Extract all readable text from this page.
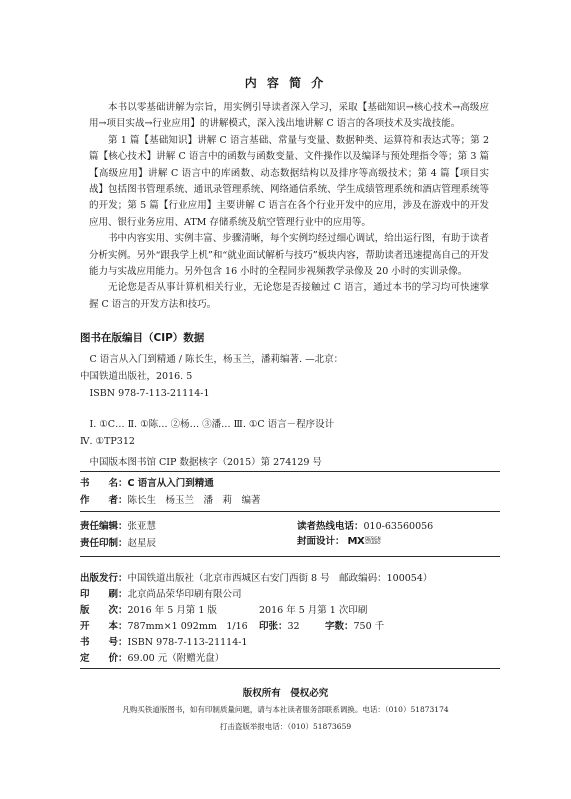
内 容 简 介

本书以零基础讲解为宗旨，用实例引导读者深入学习，采取【基础知识→核心技术→高级应用→项目实战→行业应用】的讲解模式，深入浅出地讲解 C 语言的各项技术及实战技能。

第 1 篇【基础知识】讲解 C 语言基础、常量与变量、数据种类、运算符和表达式等；第 2 篇【核心技术】讲解 C 语言中的函数与函数变量、文件操作以及编译与预处理指令等；第 3 篇【高级应用】讲解 C 语言中的库函数、动态数据结构以及排序等高级技术；第 4 篇【项目实战】包括图书管理系统、通讯录管理系统、网络通信系统、学生成绩管理系统和酒店管理系统等的开发；第 5 篇【行业应用】主要讲解 C 语言在各个行业开发中的应用，涉及在游戏中的开发应用、银行业务应用、ATM 存储系统及航空管理行业中的应用等。

书中内容实用、实例丰富、步骤清晰，每个实例均经过细心调试，给出运行图，有助于读者分析实例。另外“跟我学上机”和“就业面试解析与技巧”板块内容，帮助读者迅速提高自己的开发能力与实战应用能力。另外包含 16 小时的全程同步视频教学录像及 20 小时的实训录像。

无论您是否从事计算机相关行业，无论您是否接触过 C 语言，通过本书的学习均可快速掌握 C 语言的开发方法和技巧。

图书在版编目（CIP）数据
C 语言从入门到精通 / 陈长生，杨玉兰，潘莉编著. —北京：
中国铁道出版社，2016. 5
ISBN 978-7-113-21114-1
Ⅰ. ①C… Ⅱ. ①陈… ②杨… ③潘… Ⅲ. ①C 语言－程序设计
Ⅳ. ①TP312
中国版本图书馆 CIP 数据核字（2015）第 274129 号
书　　名：C 语言从入门到精通
作　　者：陈长生　杨玉兰　潘　莉　编著
责任编辑：张亚慧	读者热线电话：010-63560056
责任印制：赵星辰	封面设计： MXDESIGN
STUDIO
出版发行：中国铁道出版社（北京市西城区右安门西街 8 号　邮政编码：100054）
印　　刷：北京尚品荣华印刷有限公司
版　　次：2016 年 5 月第 1 版	2016 年 5 月第 1 次印刷
开　　本：787mm×1 092mm　1/16 印张：32	字数：750 千
书　　号：ISBN 978-7-113-21114-1
定　　价：69.00 元（附赠光盘）
版权所有　侵权必究
凡购买铁道版图书，如有印制质量问题，请与本社读者服务部联系调换。电话：（010）51873174
打击盗版举报电话：（010）51873659
